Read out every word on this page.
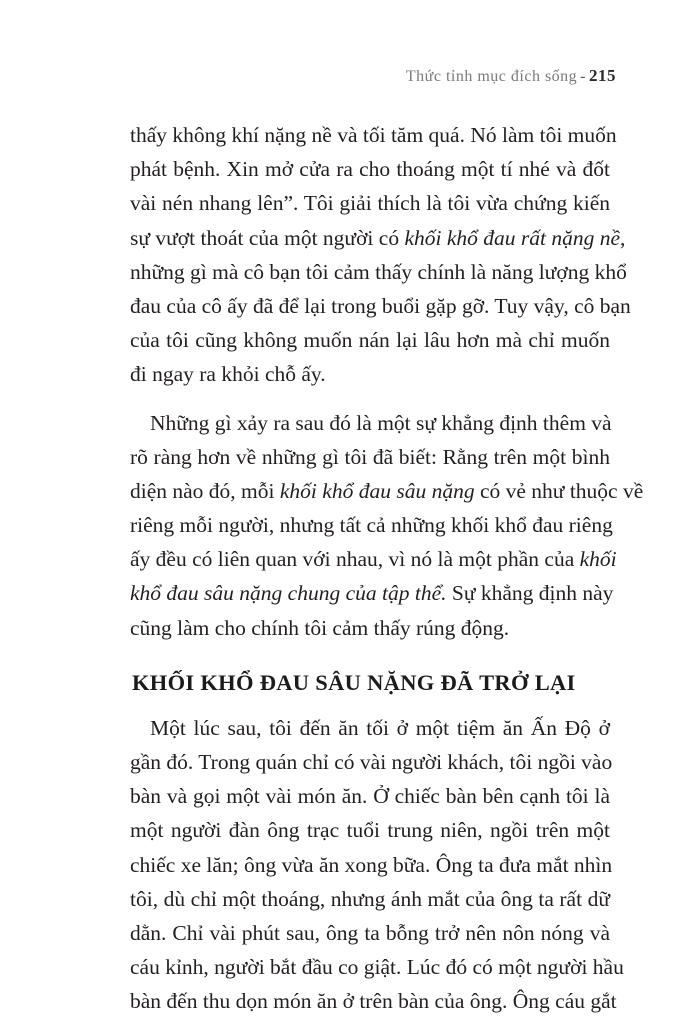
Thức tỉnh mục đích sống - 215
thấy không khí nặng nề và tối tăm quá. Nó làm tôi muốn
phát bệnh. Xin mở cửa ra cho thoáng một tí nhé và đốt
vài nén nhang lên”. Tôi giải thích là tôi vừa chứng kiến
sự vượt thoát của một người có khối khổ đau rất nặng nề,
những gì mà cô bạn tôi cảm thấy chính là năng lượng khổ
đau của cô ấy đã để lại trong buổi gặp gỡ. Tuy vậy, cô bạn
của tôi cũng không muốn nán lại lâu hơn mà chỉ muốn
đi ngay ra khỏi chỗ ấy.
Những gì xảy ra sau đó là một sự khẳng định thêm và
rõ ràng hơn về những gì tôi đã biết: Rằng trên một bình
diện nào đó, mỗi khối khổ đau sâu nặng có vẻ như thuộc về
riêng mỗi người, nhưng tất cả những khối khổ đau riêng
ấy đều có liên quan với nhau, vì nó là một phần của khối
khổ đau sâu nặng chung của tập thể. Sự khẳng định này
cũng làm cho chính tôi cảm thấy rúng động.
KHỐI KHỔ ĐAU SÂU NẶNG ĐÃ TRỞ LẠI
Một lúc sau, tôi đến ăn tối ở một tiệm ăn Ấn Độ ở
gần đó. Trong quán chỉ có vài người khách, tôi ngồi vào
bàn và gọi một vài món ăn. Ở chiếc bàn bên cạnh tôi là
một người đàn ông trạc tuổi trung niên, ngồi trên một
chiếc xe lăn; ông vừa ăn xong bữa. Ông ta đưa mắt nhìn
tôi, dù chỉ một thoáng, nhưng ánh mắt của ông ta rất dữ
dằn. Chỉ vài phút sau, ông ta bỗng trở nên nôn nóng và
cáu kỉnh, người bắt đầu co giật. Lúc đó có một người hầu
bàn đến thu dọn món ăn ở trên bàn của ông. Ông cáu gắt
